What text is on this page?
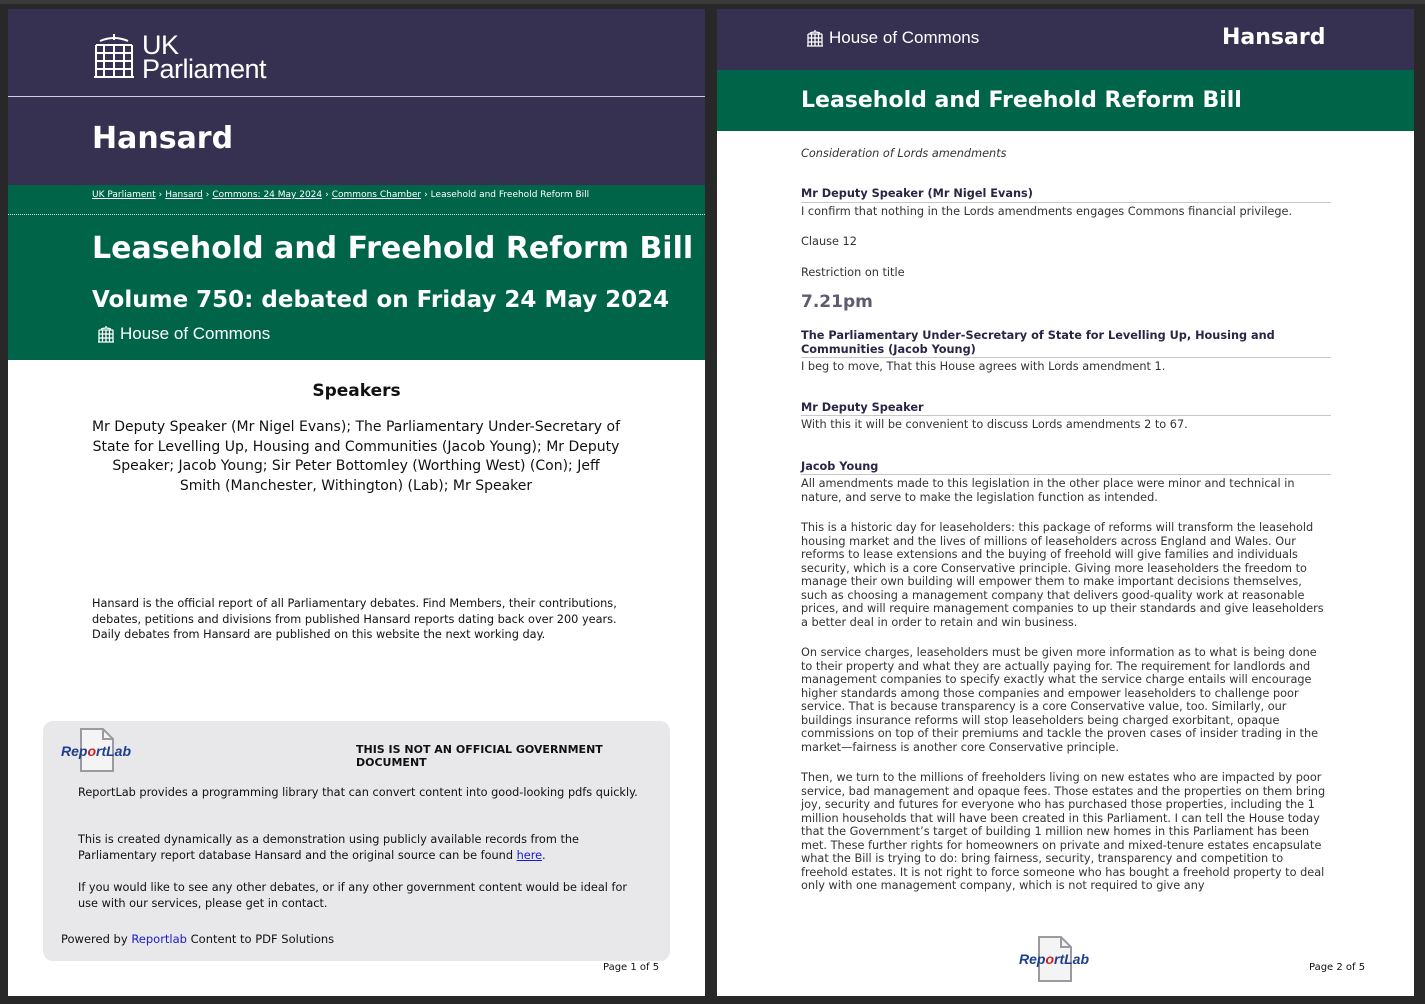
UK
Parliament
Hansard
UK Parliament › Hansard › Commons: 24 May 2024 › Commons Chamber › Leasehold and Freehold Reform Bill
Leasehold and Freehold Reform Bill
Volume 750: debated on Friday 24 May 2024
House of Commons
Speakers
Mr Deputy Speaker (Mr Nigel Evans); The Parliamentary Under-Secretary of State for Levelling Up, Housing and Communities (Jacob Young); Mr Deputy Speaker; Jacob Young; Sir Peter Bottomley (Worthing West) (Con); Jeff Smith (Manchester, Withington) (Lab); Mr Speaker
Hansard is the official report of all Parliamentary debates. Find Members, their contributions, debates, petitions and divisions from published Hansard reports dating back over 200 years. Daily debates from Hansard are published on this website the next working day.
ReportLab	THIS IS NOT AN OFFICIAL GOVERNMENT DOCUMENT
ReportLab provides a programming library that can convert content into good-looking pdfs quickly.
This is created dynamically as a demonstration using publicly available records from the Parliamentary report database Hansard and the original source can be found here.
If you would like to see any other debates, or if any other government content would be ideal for use with our services, please get in contact.
Powered by Reportlab Content to PDF Solutions
Page 1 of 5
House of Commons	Hansard
Leasehold and Freehold Reform Bill
Consideration of Lords amendments
Mr Deputy Speaker (Mr Nigel Evans)
I confirm that nothing in the Lords amendments engages Commons financial privilege.
Clause 12
Restriction on title
7.21pm
The Parliamentary Under-Secretary of State for Levelling Up, Housing and Communities (Jacob Young)
I beg to move, That this House agrees with Lords amendment 1.
Mr Deputy Speaker
With this it will be convenient to discuss Lords amendments 2 to 67.
Jacob Young
All amendments made to this legislation in the other place were minor and technical in nature, and serve to make the legislation function as intended.
This is a historic day for leaseholders: this package of reforms will transform the leasehold housing market and the lives of millions of leaseholders across England and Wales. Our reforms to lease extensions and the buying of freehold will give families and individuals security, which is a core Conservative principle. Giving more leaseholders the freedom to manage their own building will empower them to make important decisions themselves, such as choosing a management company that delivers good-quality work at reasonable prices, and will require management companies to up their standards and give leaseholders a better deal in order to retain and win business.
On service charges, leaseholders must be given more information as to what is being done to their property and what they are actually paying for. The requirement for landlords and management companies to specify exactly what the service charge entails will encourage higher standards among those companies and empower leaseholders to challenge poor service. That is because transparency is a core Conservative value, too. Similarly, our buildings insurance reforms will stop leaseholders being charged exorbitant, opaque commissions on top of their premiums and tackle the proven cases of insider trading in the market—fairness is another core Conservative principle.
Then, we turn to the millions of freeholders living on new estates who are impacted by poor service, bad management and opaque fees. Those estates and the properties on them bring joy, security and futures for everyone who has purchased those properties, including the 1 million households that will have been created in this Parliament. I can tell the House today that the Government’s target of building 1 million new homes in this Parliament has been met. These further rights for homeowners on private and mixed-tenure estates encapsulate what the Bill is trying to do: bring fairness, security, transparency and competition to freehold estates. It is not right to force someone who has bought a freehold property to deal only with one management company, which is not required to give any
ReportLab
Page 2 of 5
